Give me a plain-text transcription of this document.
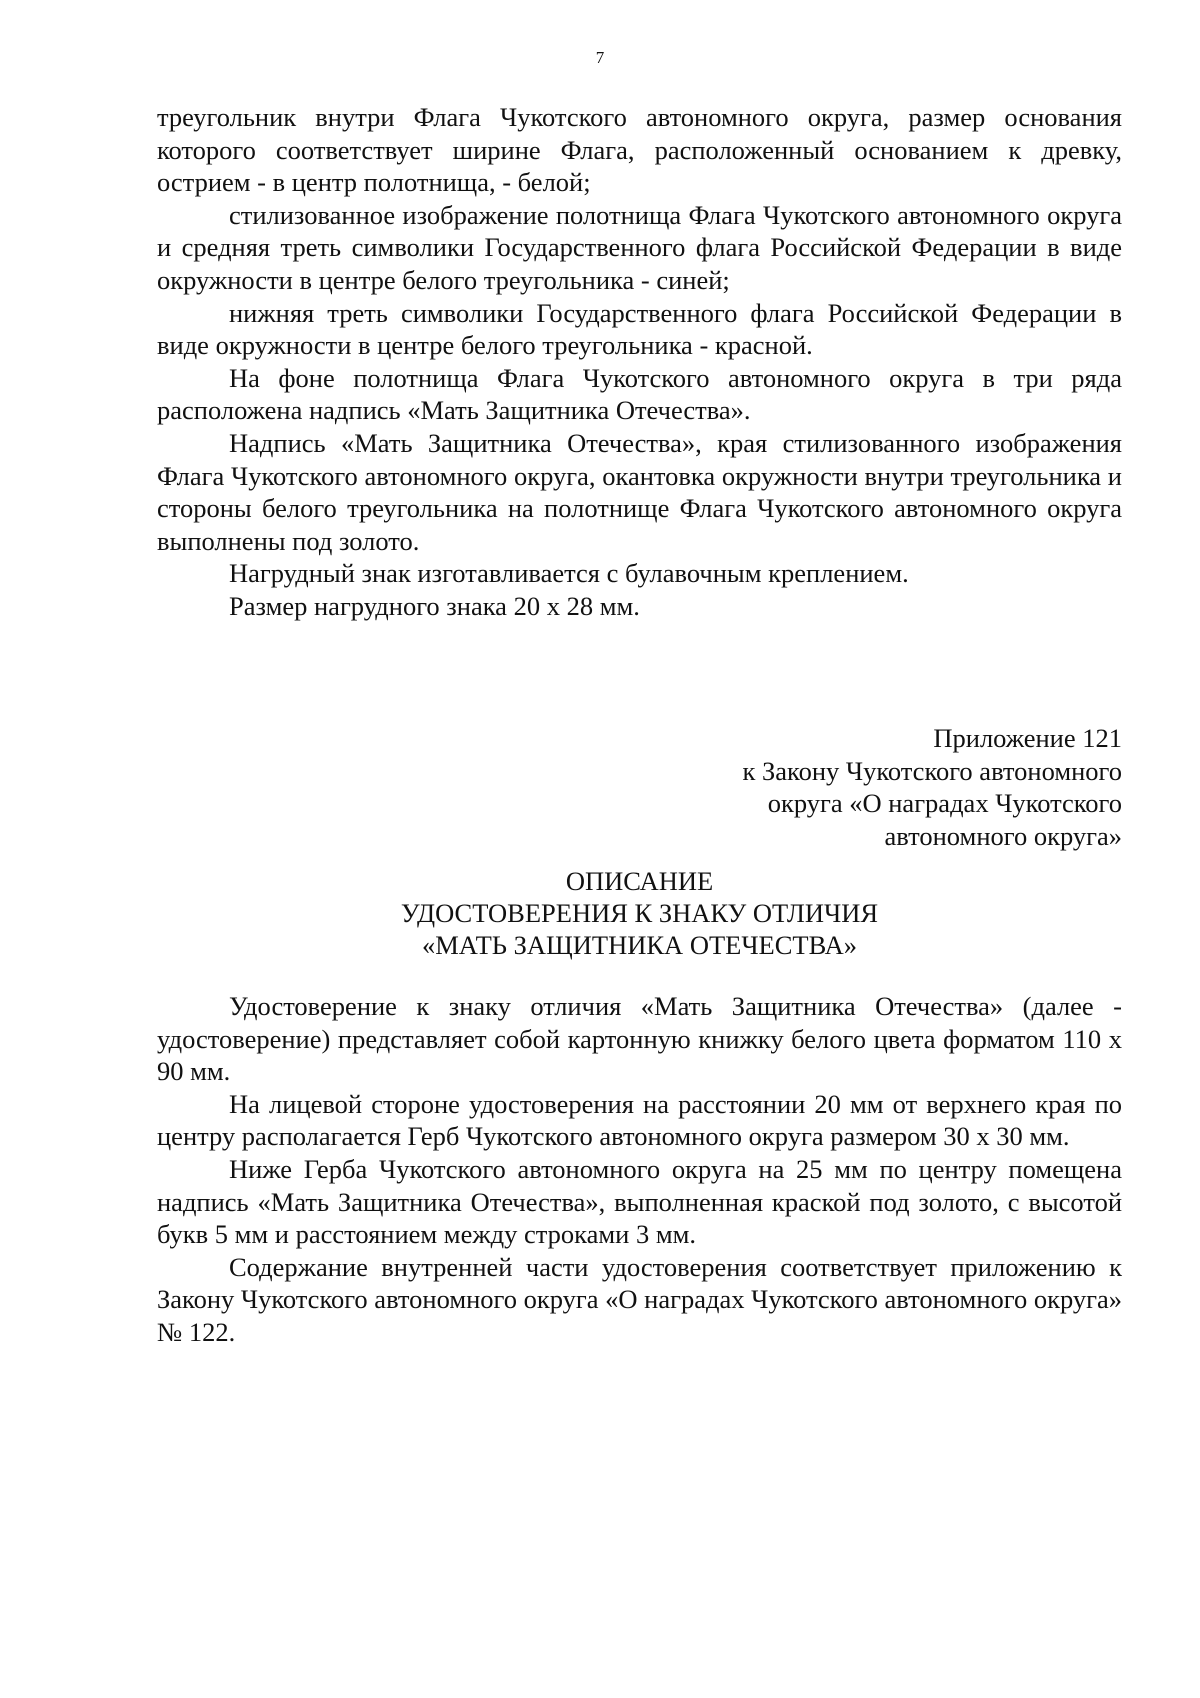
7

треугольник внутри Флага Чукотского автономного округа, размер основания которого соответствует ширине Флага, расположенный основанием к древку, острием - в центр полотнища, - белой;

стилизованное изображение полотнища Флага Чукотского автономного округа и средняя треть символики Государственного флага Российской Федерации в виде окружности в центре белого треугольника - синей;

нижняя треть символики Государственного флага Российской Федерации в виде окружности в центре белого треугольника - красной.

На фоне полотнища Флага Чукотского автономного округа в три ряда расположена надпись «Мать Защитника Отечества».

Надпись «Мать Защитника Отечества», края стилизованного изображения Флага Чукотского автономного округа, окантовка окружности внутри треугольника и стороны белого треугольника на полотнище Флага Чукотского автономного округа выполнены под золото.

Нагрудный знак изготавливается с булавочным креплением.

Размер нагрудного знака 20 х 28 мм.

Приложение 121

к Закону Чукотского автономного

округа «О наградах Чукотского

автономного округа»

ОПИСАНИЕ
УДОСТОВЕРЕНИЯ К ЗНАКУ ОТЛИЧИЯ
«МАТЬ ЗАЩИТНИКА ОТЕЧЕСТВА»

Удостоверение к знаку отличия «Мать Защитника Отечества» (далее - удостоверение) представляет собой картонную книжку белого цвета форматом 110 х 90 мм.

На лицевой стороне удостоверения на расстоянии 20 мм от верхнего края по центру располагается Герб Чукотского автономного округа размером 30 х 30 мм.

Ниже Герба Чукотского автономного округа на 25 мм по центру помещена надпись «Мать Защитника Отечества», выполненная краской под золото, с высотой букв 5 мм и расстоянием между строками 3 мм.

Содержание внутренней части удостоверения соответствует приложению к Закону Чукотского автономного округа «О наградах Чукотского автономного округа» № 122.
